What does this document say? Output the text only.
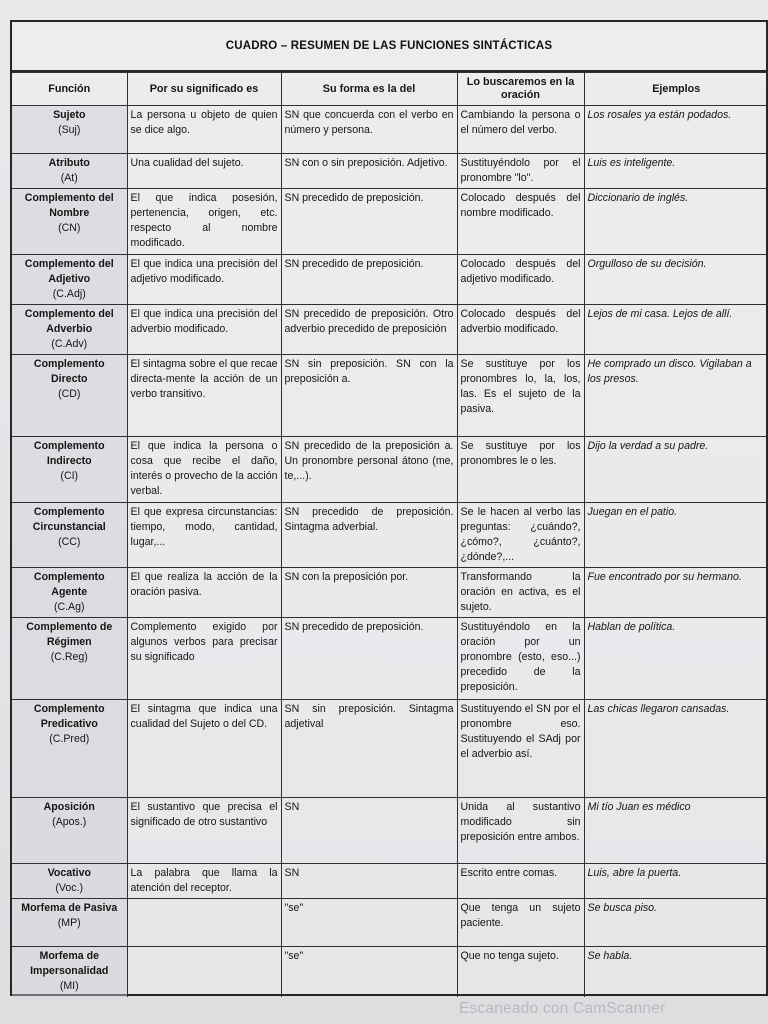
CUADRO – RESUMEN DE LAS FUNCIONES SINTÁCTICAS
Función	Por su significado es	Su forma es la del	Lo buscaremos en la oración	Ejemplos
Sujeto
(Suj)	La persona u objeto de quien se dice algo.	SN que concuerda con el verbo en número y persona.	Cambiando la persona o el número del verbo.	Los rosales ya están podados.
Atributo
(At)	Una cualidad del sujeto.	SN con o sin preposición. Adjetivo.	Sustituyéndolo por el pronombre "lo".	Luis es inteligente.
Complemento del Nombre
(CN)	El que indica posesión, pertenencia, origen, etc. respecto al nombre modificado.	SN precedido de preposición.	Colocado después del nombre modificado.	Diccionario de inglés.
Complemento del Adjetivo
(C.Adj)	El que indica una precisión del adjetivo modificado.	SN precedido de preposición.	Colocado después del adjetivo modificado.	Orgulloso de su decisión.
Complemento del Adverbio
(C.Adv)	El que indica una precisión del adverbio modificado.	SN precedido de preposición. Otro adverbio precedido de preposición	Colocado después del adverbio modificado.	Lejos de mi casa. Lejos de allí.
Complemento Directo
(CD)	El sintagma sobre el que recae directa-mente la acción de un verbo transitivo.	SN sin preposición. SN con la preposición a.	Se sustituye por los pronombres lo, la, los, las. Es el sujeto de la pasiva.	He comprado un disco. Vigilaban a los presos.
Complemento Indirecto
(CI)	El que indica la persona o cosa que recibe el daño, interés o provecho de la acción verbal.	SN precedido de la preposición a. Un pronombre personal átono (me, te,...).	Se sustituye por los pronombres le o les.	Dijo la verdad a su padre.
Complemento Circunstancial
(CC)	El que expresa circunstancias: tiempo, modo, cantidad, lugar,...	SN precedido de preposición. Sintagma adverbial.	Se le hacen al verbo las preguntas: ¿cuándo?, ¿cómo?, ¿cuánto?, ¿dónde?,...	Juegan en el patio.
Complemento Agente
(C.Ag)	El que realiza la acción de la oración pasiva.	SN con la preposición por.	Transformando la oración en activa, es el sujeto.	Fue encontrado por su hermano.
Complemento de Régimen
(C.Reg)	Complemento exigido por algunos verbos para precisar su significado	SN precedido de preposición.	Sustituyéndolo en la oración por un pronombre (esto, eso...) precedido de la preposición.	Hablan de política.
Complemento Predicativo
(C.Pred)	El sintagma que indica una cualidad del Sujeto o del CD.	SN sin preposición. Sintagma adjetival	Sustituyendo el SN por el pronombre eso. Sustituyendo el SAdj por el adverbio así.	Las chicas llegaron cansadas.
Aposición
(Apos.)	El sustantivo que precisa el significado de otro sustantivo	SN	Unida al sustantivo modificado sin preposición entre ambos.	Mi tío Juan es médico
Vocativo
(Voc.)	La palabra que llama la atención del receptor.	SN	Escrito entre comas.	Luis, abre la puerta.
Morfema de Pasiva
(MP)		"se"	Que tenga un sujeto paciente.	Se busca piso.
Morfema de Impersonalidad
(MI)		"se"	Que no tenga sujeto.	Se habla.
Escaneado con CamScanner
